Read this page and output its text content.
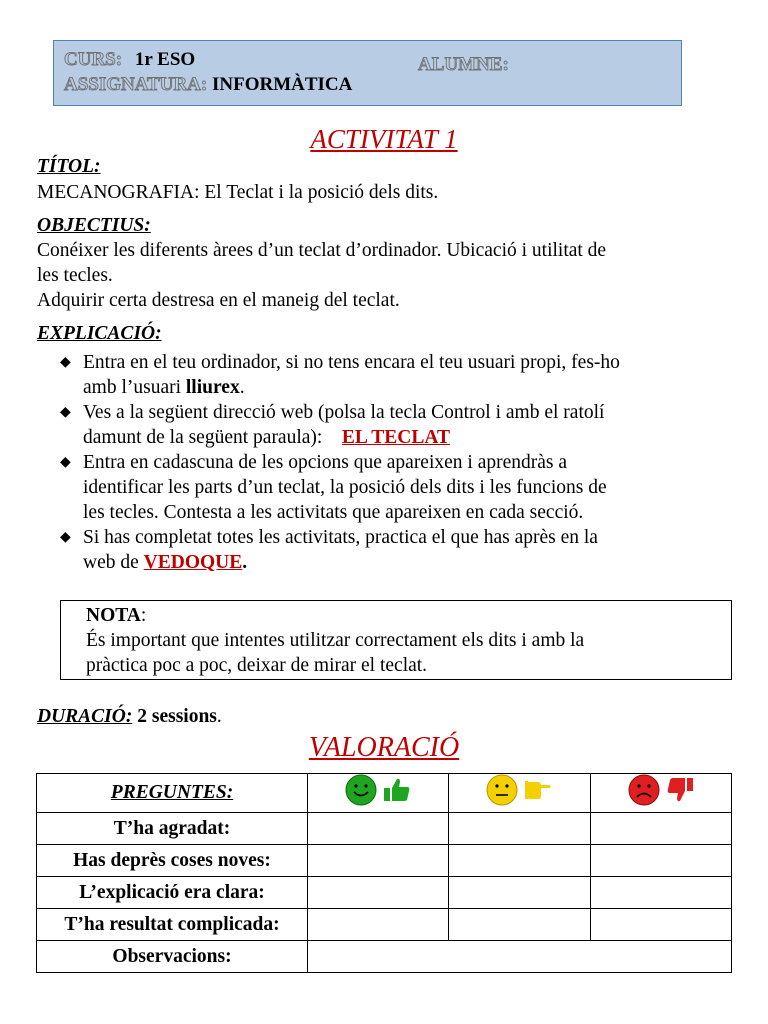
CURS: 1r ESO	ALUMNE:
ASSIGNATURA: INFORMÀTICA
ACTIVITAT 1
TÍTOL:
MECANOGRAFIA: El Teclat i la posició dels dits.
OBJECTIUS:
Conéixer les diferents àrees d’un teclat d’ordinador. Ubicació i utilitat de
les tecles.
Adquirir certa destresa en el maneig del teclat.
EXPLICACIÓ:
◆ Entra en el teu ordinador, si no tens encara el teu usuari propi, fes-ho
amb l’usuari lliurex.
◆ Ves a la següent direcció web (polsa la tecla Control i amb el ratolí
damunt de la següent paraula): EL TECLAT
◆ Entra en cadascuna de les opcions que apareixen i aprendràs a
identificar les parts d’un teclat, la posició dels dits i les funcions de
les tecles. Contesta a les activitats que apareixen en cada secció.
◆ Si has completat totes les activitats, practica el que has après en la
web de VEDOQUE.
NOTA:
És important que intentes utilitzar correctament els dits i amb la
pràctica poc a poc, deixar de mirar el teclat.
DURACIÓ: 2 sessions.
VALORACIÓ
PREGUNTES:	

T’ha agradat:			
Has deprès coses noves:			
L’explicació era clara:			
T’ha resultat complicada:			
Observacions:			
